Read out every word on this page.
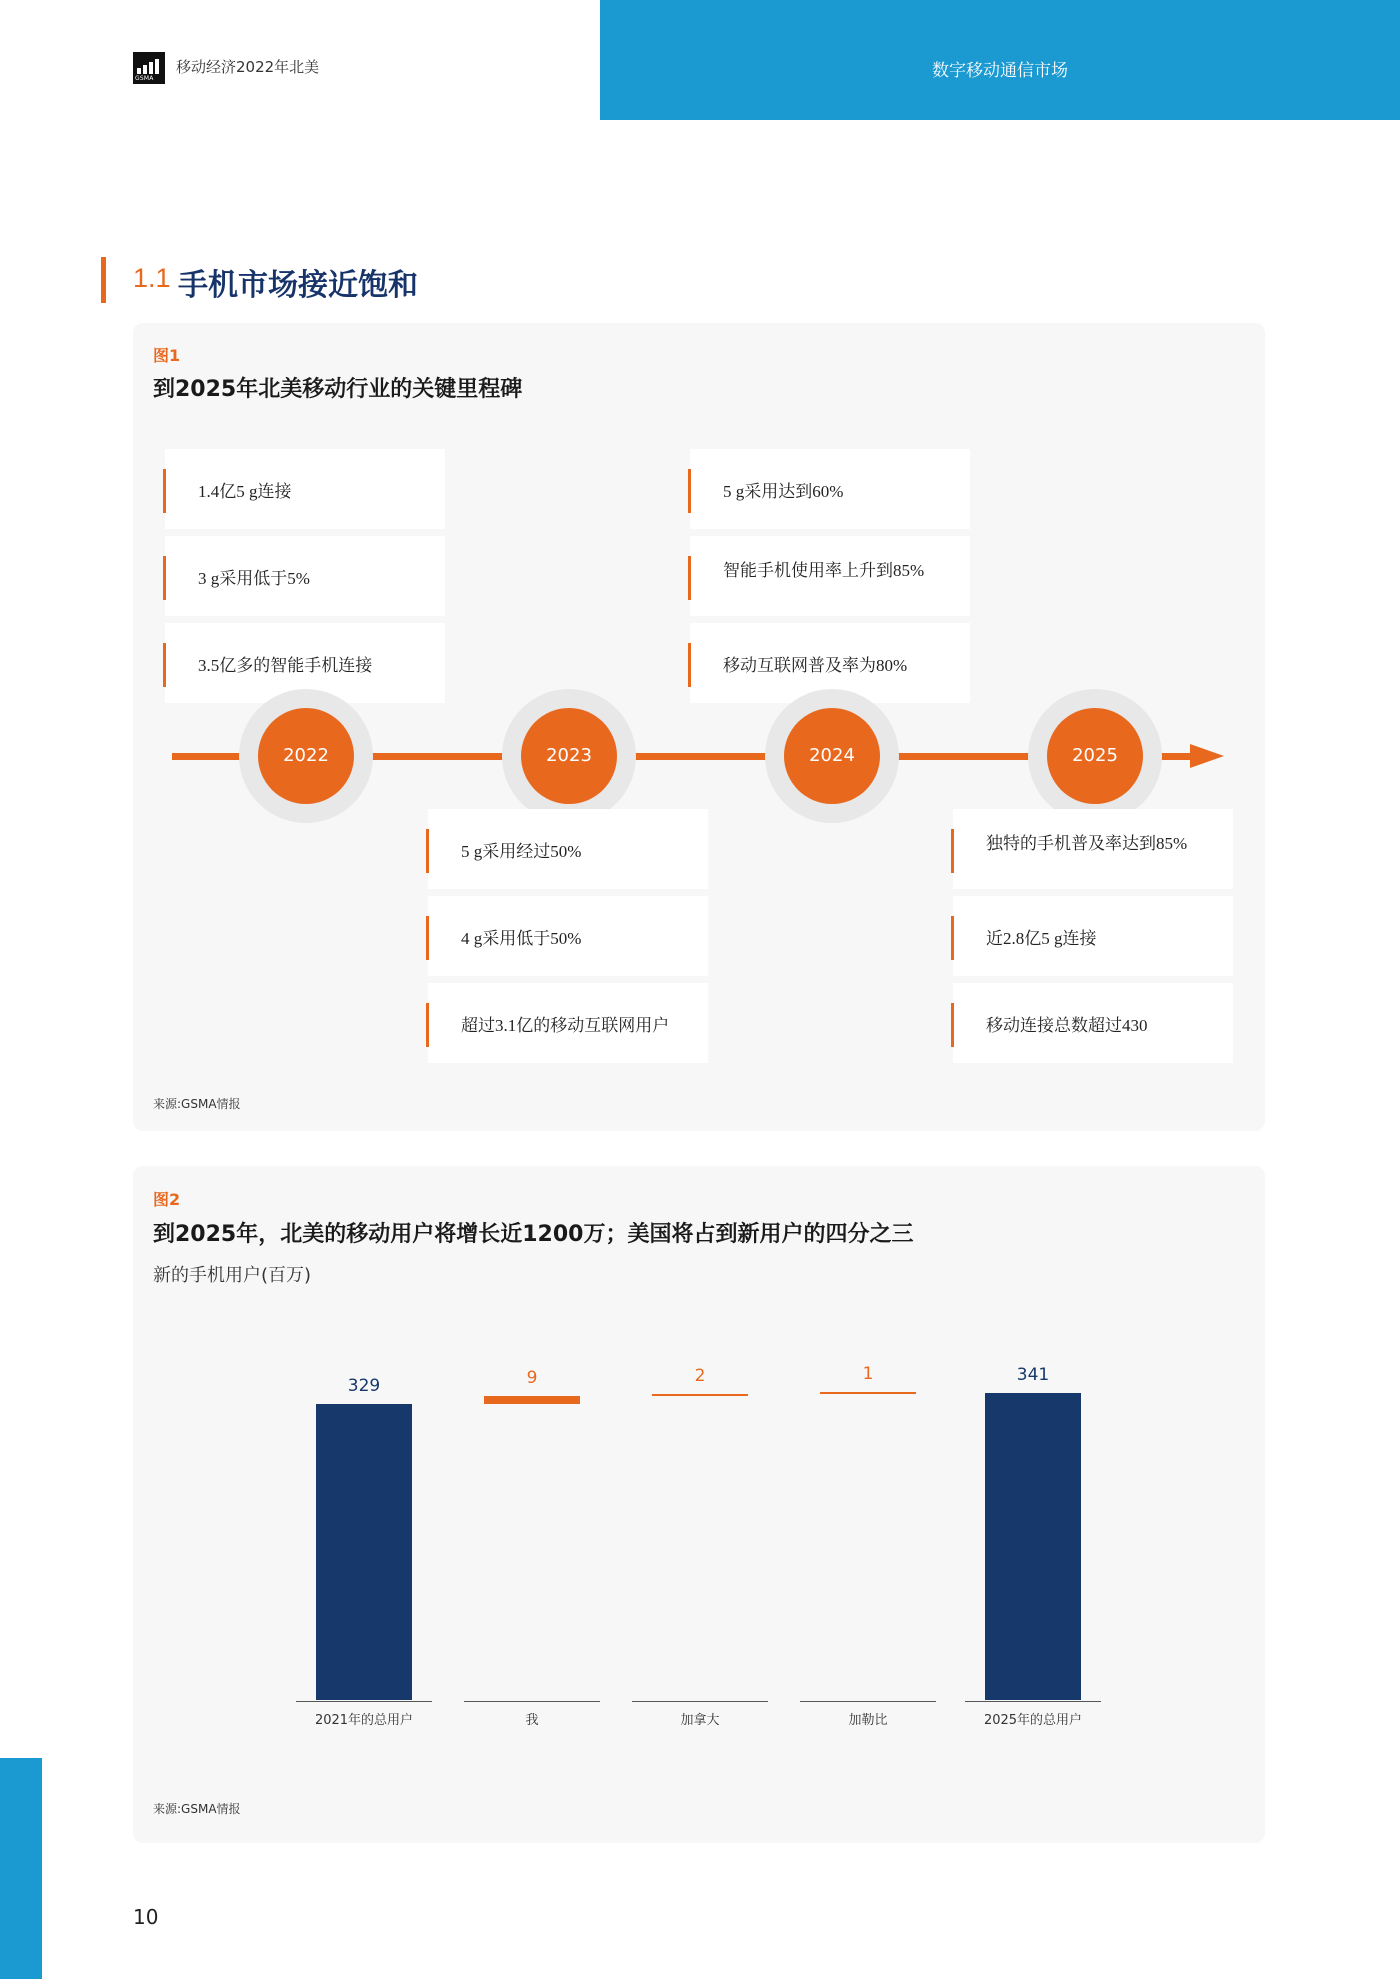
数字移动通信市场
GSMA
移动经济2022年北美
1.1 手机市场接近饱和
图1
到2025年北美移动行业的关键里程碑
1.4亿5 g连接
3 g采用低于5%
3.5亿多的智能手机连接
5 g采用达到60%
智能手机使用率上升到85%
移动互联网普及率为80%
2022	2023	2024	2025
5 g采用经过50%
4 g采用低于50%
超过3.1亿的移动互联网用户
独特的手机普及率达到85%
近2.8亿5 g连接
移动连接总数超过430
来源:GSMA情报
图2
到2025年，北美的移动用户将增长近1200万；美国将占到新用户的四分之三
新的手机用户(百万)
329	9	2	1	341
2021年的总用户	我	加拿大	加勒比	2025年的总用户
来源:GSMA情报
10
